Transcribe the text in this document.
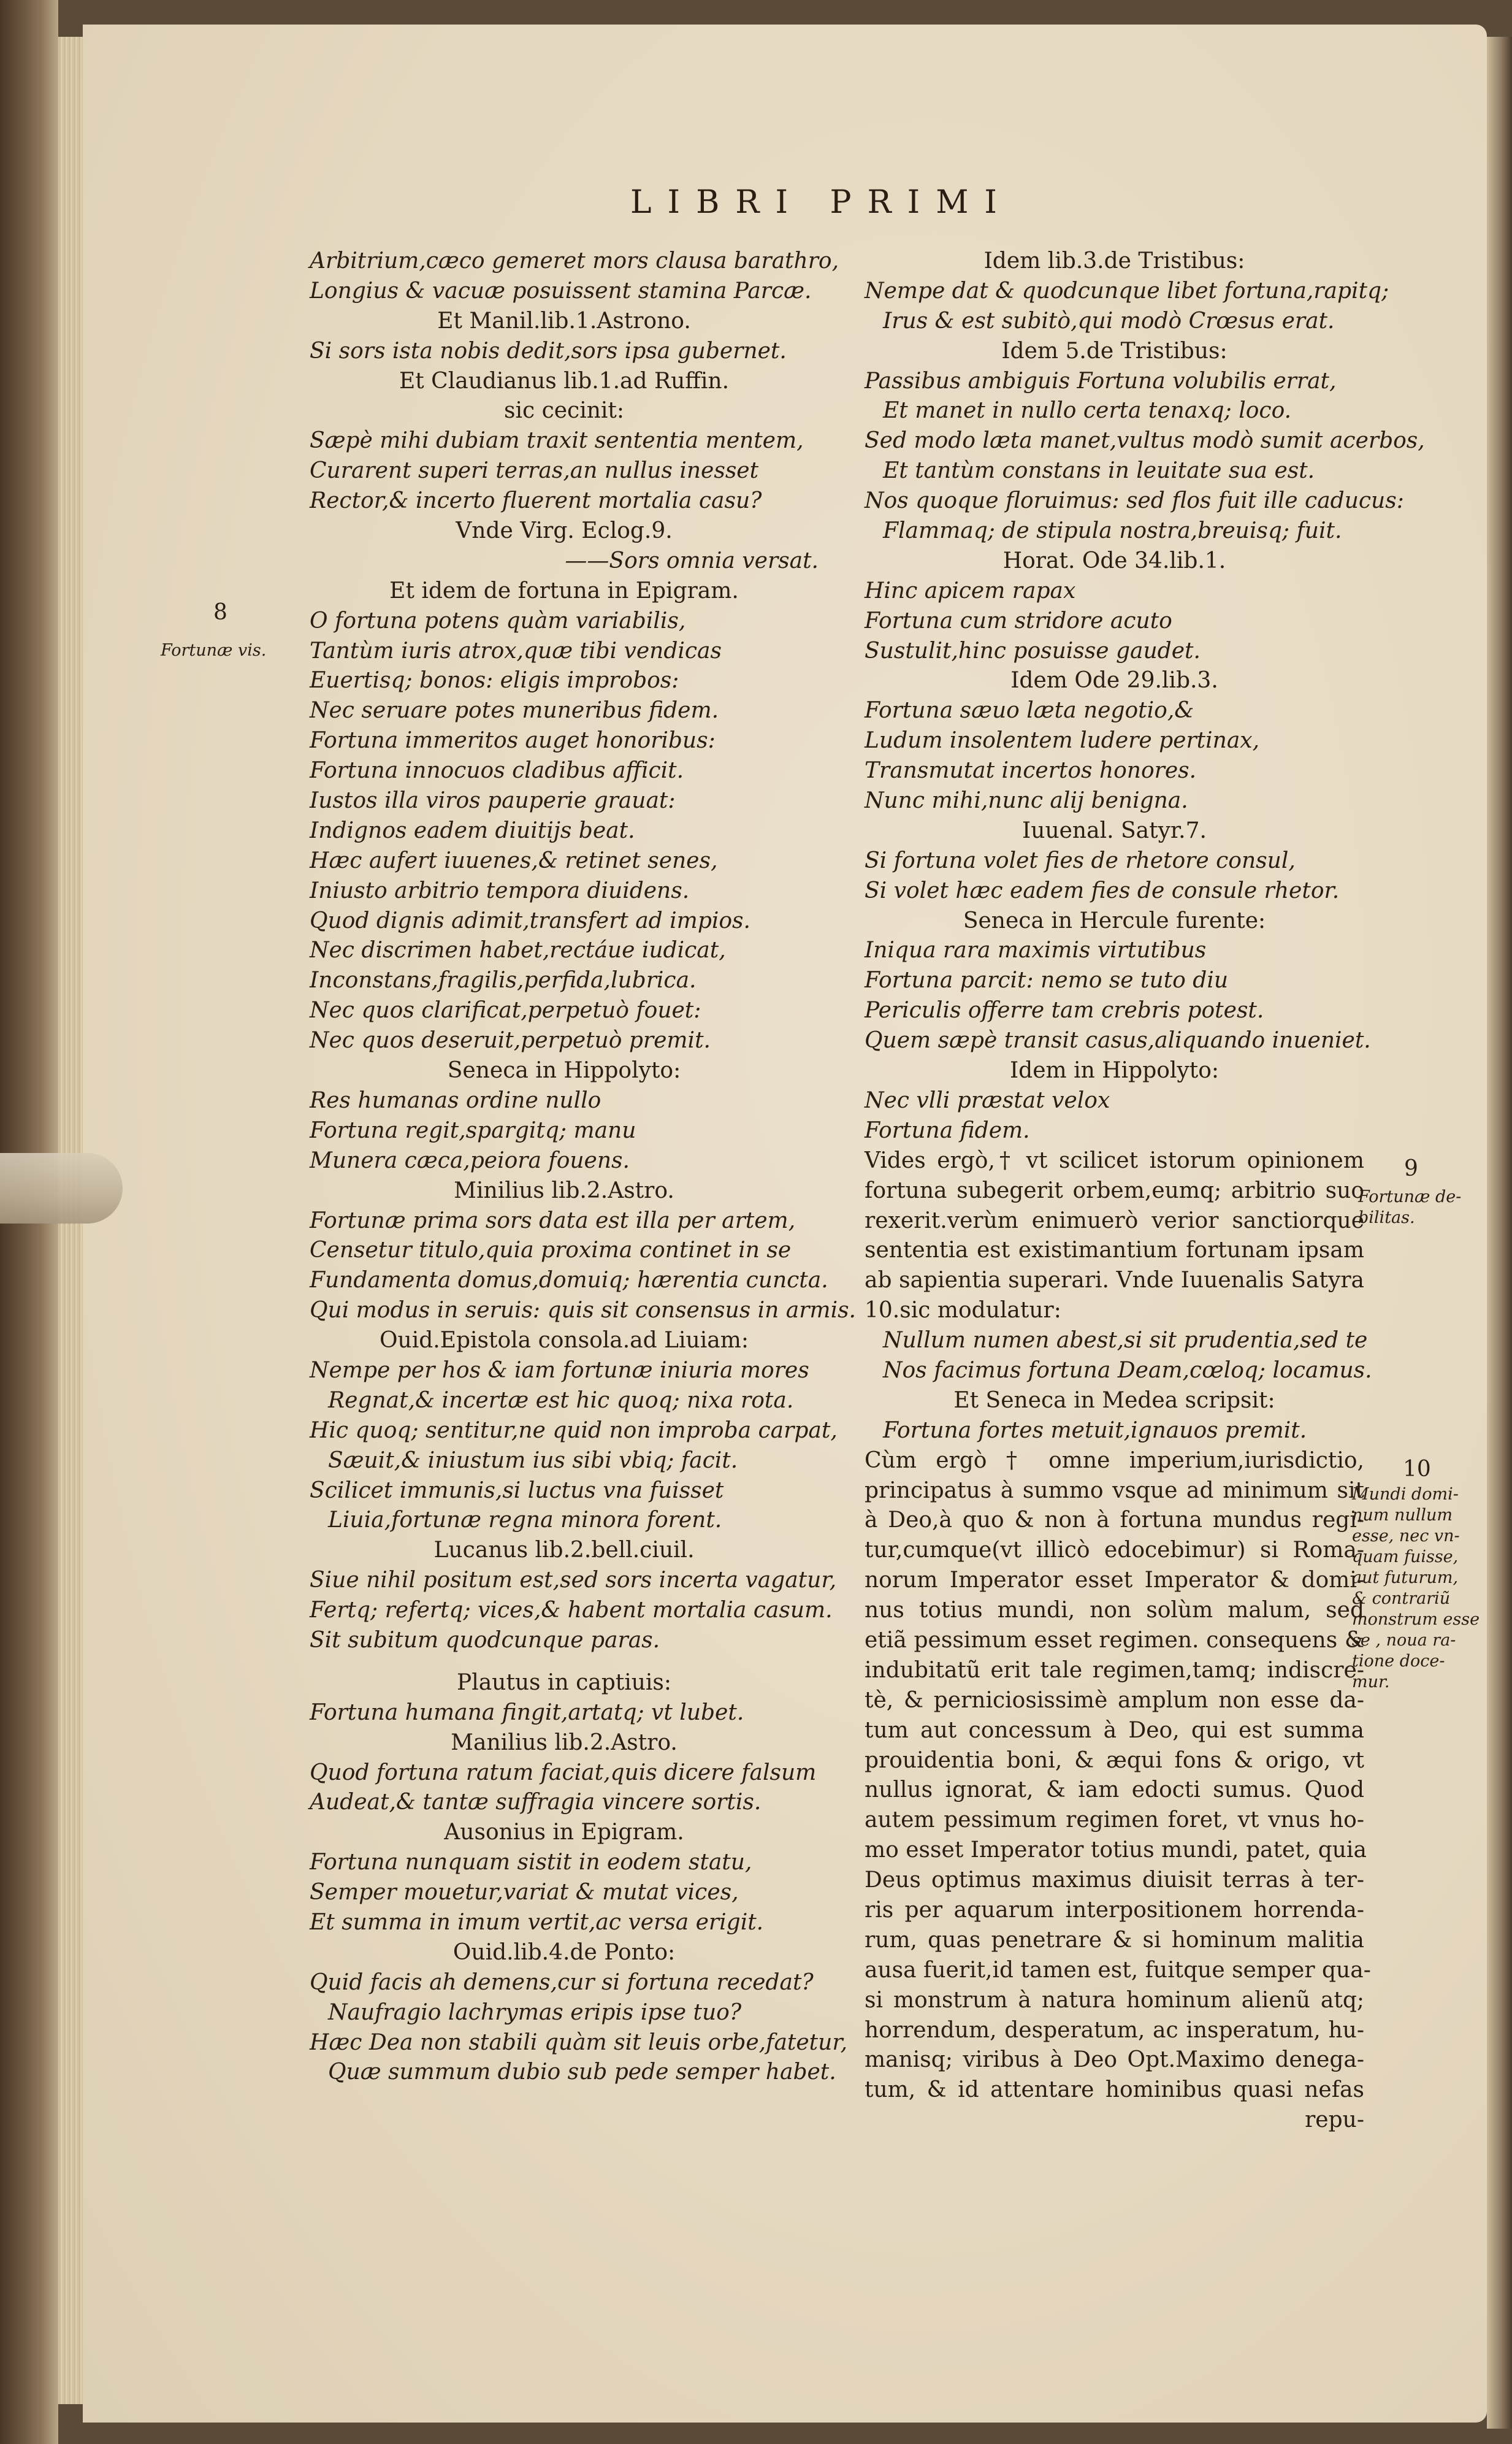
LIBRI PRIMI
Arbitrium,cæco gemeret mors clausa barathro,
Longius & vacuæ posuissent stamina Parcæ.
Et Manil.lib.1.Astrono.
Si sors ista nobis dedit,sors ipsa gubernet.
Et Claudianus lib.1.ad Ruffin.
sic cecinit:
Sæpè mihi dubiam traxit sententia mentem,
Curarent superi terras,an nullus inesset
Rector,& incerto fluerent mortalia casu?
Vnde Virg. Eclog.9.
——Sors omnia versat.
Et idem de fortuna in Epigram.
O fortuna potens quàm variabilis,
Tantùm iuris atrox,quæ tibi vendicas
Euertisq; bonos: eligis improbos:
Nec seruare potes muneribus fidem.
Fortuna immeritos auget honoribus:
Fortuna innocuos cladibus afficit.
Iustos illa viros pauperie grauat:
Indignos eadem diuitijs beat.
Hæc aufert iuuenes,& retinet senes,
Iniusto arbitrio tempora diuidens.
Quod dignis adimit,transfert ad impios.
Nec discrimen habet,rectáue iudicat,
Inconstans,fragilis,perfida,lubrica.
Nec quos clarificat,perpetuò fouet:
Nec quos deseruit,perpetuò premit.
Seneca in Hippolyto:
Res humanas ordine nullo
Fortuna regit,spargitq; manu
Munera cæca,peiora fouens.
Minilius lib.2.Astro.
Fortunæ prima sors data est illa per artem,
Censetur titulo,quia proxima continet in se
Fundamenta domus,domuiq; hærentia cuncta.
Qui modus in seruis: quis sit consensus in armis.
Ouid.Epistola consola.ad Liuiam:
Nempe per hos & iam fortunæ iniuria mores
Regnat,& incertæ est hic quoq; nixa rota.
Hic quoq; sentitur,ne quid non improba carpat,
Sæuit,& iniustum ius sibi vbiq; facit.
Scilicet immunis,si luctus vna fuisset
Liuia,fortunæ regna minora forent.
Lucanus lib.2.bell.ciuil.
Siue nihil positum est,sed sors incerta vagatur,
Fertq; refertq; vices,& habent mortalia casum.
Sit subitum quodcunque paras.
Plautus in captiuis:
Fortuna humana fingit,artatq; vt lubet.
Manilius lib.2.Astro.
Quod fortuna ratum faciat,quis dicere falsum
Audeat,& tantæ suffragia vincere sortis.
Ausonius in Epigram.
Fortuna nunquam sistit in eodem statu,
Semper mouetur,variat & mutat vices,
Et summa in imum vertit,ac versa erigit.
Ouid.lib.4.de Ponto:
Quid facis ah demens,cur si fortuna recedat?
Naufragio lachrymas eripis ipse tuo?
Hæc Dea non stabili quàm sit leuis orbe,fatetur,
Quæ summum dubio sub pede semper habet.
Idem lib.3.de Tristibus:
Nempe dat & quodcunque libet fortuna,rapitq;
Irus & est subitò,qui modò Crœsus erat.
Idem 5.de Tristibus:
Passibus ambiguis Fortuna volubilis errat,
Et manet in nullo certa tenaxq; loco.
Sed modo læta manet,vultus modò sumit acerbos,
Et tantùm constans in leuitate sua est.
Nos quoque floruimus: sed flos fuit ille caducus:
Flammaq; de stipula nostra,breuisq; fuit.
Horat. Ode 34.lib.1.
Hinc apicem rapax
Fortuna cum stridore acuto
Sustulit,hinc posuisse gaudet.
Idem Ode 29.lib.3.
Fortuna sæuo læta negotio,&
Ludum insolentem ludere pertinax,
Transmutat incertos honores.
Nunc mihi,nunc alij benigna.
Iuuenal. Satyr.7.
Si fortuna volet fies de rhetore consul,
Si volet hæc eadem fies de consule rhetor.
Seneca in Hercule furente:
Iniqua rara maximis virtutibus
Fortuna parcit: nemo se tuto diu
Periculis offerre tam crebris potest.
Quem sæpè transit casus,aliquando inueniet.
Idem in Hippolyto:
Nec vlli præstat velox
Fortuna fidem.
Vides ergò,† vt scilicet istorum opinionem
fortuna subegerit orbem,eumq; arbitrio suo
rexerit.verùm enimuerò verior sanctiorque
sententia est existimantium fortunam ipsam
ab sapientia superari. Vnde Iuuenalis Satyra
10.sic modulatur:
Nullum numen abest,si sit prudentia,sed te
Nos facimus fortuna Deam,cœloq; locamus.
Et Seneca in Medea scripsit:
Fortuna fortes metuit,ignauos premit.
Cùm ergò † omne imperium,iurisdictio,
principatus à summo vsque ad minimum sit
à Deo,à quo & non à fortuna mundus regi-
tur,cumque(vt illicò edocebimur) si Roma-
norum Imperator esset Imperator & domi-
nus totius mundi, non solùm malum, sed
etiã pessimum esset regimen. consequens &
indubitatũ erit tale regimen,tamq; indiscre-
tè, & perniciosissimè amplum non esse da-
tum aut concessum à Deo, qui est summa
prouidentia boni, & æqui fons & origo, vt
nullus ignorat, & iam edocti sumus. Quod
autem pessimum regimen foret, vt vnus ho-
mo esset Imperator totius mundi, patet, quia
Deus optimus maximus diuisit terras à ter-
ris per aquarum interpositionem horrenda-
rum, quas penetrare & si hominum malitia
ausa fuerit,id tamen est, fuitque semper qua-
si monstrum à natura hominum alienũ atq;
horrendum, desperatum, ac insperatum, hu-
manisq; viribus à Deo Opt.Maximo denega-
tum, & id attentare hominibus quasi nefas
repu-
8
Fortunæ vis.
9
Fortunæ de-
bilitas.
10
Mundi domi-
num nullum
esse, nec vn-
quam fuisse,
aut futurum,
& contrariũ
monstrum esse
se , noua ra-
tione doce-
mur.
